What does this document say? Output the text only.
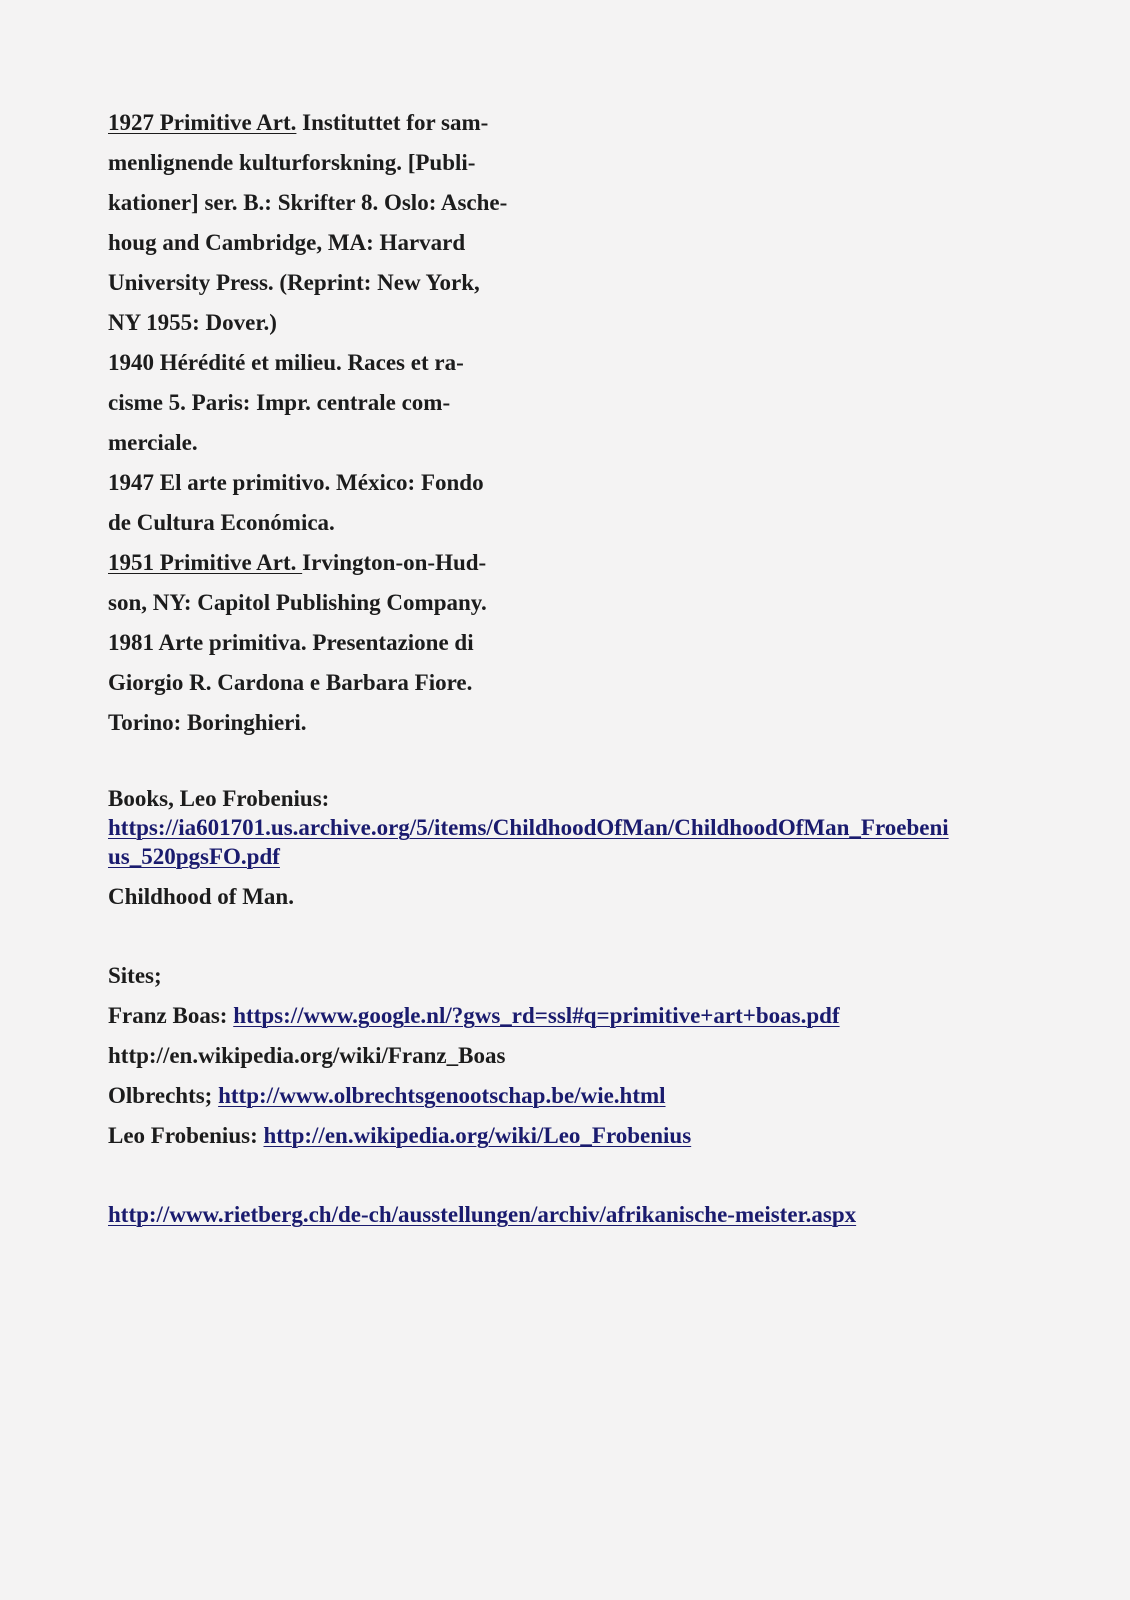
1927 Primitive Art. Instituttet for sam-
menlignende kulturforskning. [Publi-
kationer] ser. B.: Skrifter 8. Oslo: Asche-
houg and Cambridge, MA: Harvard
University Press. (Reprint: New York,
NY 1955: Dover.)
1940 Hérédité et milieu. Races et ra-
cisme 5. Paris: Impr. centrale com-
merciale.
1947 El arte primitivo. México: Fondo
de Cultura Económica.
1951 Primitive Art. Irvington-on-Hud-
son, NY: Capitol Publishing Company.
1981 Arte primitiva. Presentazione di
Giorgio R. Cardona e Barbara Fiore.
Torino: Boringhieri.
Books, Leo Frobenius:
https://ia601701.us.archive.org/5/items/ChildhoodOfMan/ChildhoodOfMan_Froebeni
us_520pgsFO.pdf
Childhood of Man.
Sites;
Franz Boas: https://www.google.nl/?gws_rd=ssl#q=primitive+art+boas.pdf
http://en.wikipedia.org/wiki/Franz_Boas
Olbrechts; http://www.olbrechtsgenootschap.be/wie.html
Leo Frobenius: http://en.wikipedia.org/wiki/Leo_Frobenius
http://www.rietberg.ch/de-ch/ausstellungen/archiv/afrikanische-meister.aspx
